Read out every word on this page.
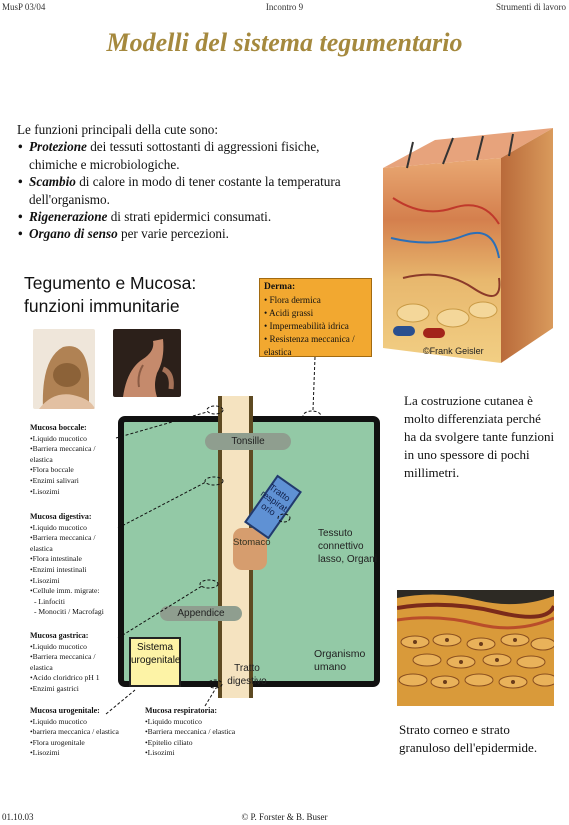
MusP 03/04	Incontro 9	Strumenti di lavoro
Modelli del sistema tegumentario
Le funzioni principali della cute sono:
• Protezione dei tessuti sottostanti di aggressioni fisiche, chimiche e microbiologiche.
• Scambio di calore in modo di tener costante la temperatura dell'organismo.
• Rigenerazione di strati epidermici consumati.
• Organo di senso per varie percezioni.
©Frank Geisler
La costruzione cutanea è molto differenziata perché ha da svolgere tante funzioni in uno spessore di pochi millimetri.
Tegumento e Mucosa:
funzioni immunitarie
Derma:
• Flora dermica
• Acidi grassi
• Impermeabilità idrica
• Resistenza meccanica / elastica
Mucosa boccale:
• Liquido mucotico
• Barriera meccanica / elastica
• Flora boccale
• Enzimi salivari
• Lisozimi
Mucosa digestiva:
• Liquido mucotico
• Barriera meccanica / elastica
• Flora intestinale
• Enzimi intestinali
• Lisozimi
• Cellule imm. migrate:
- Linfociti
- Monociti / Macrofagi
Mucosa gastrica:
• Liquido mucotico
• Barriera meccanica / elastica
• Acido cloridrico pH 1
• Enzimi gastrici
Mucosa urogenitale:
• Liquido mucotico
• barriera meccanica / elastica
• Flora urogenitale
• Lisozimi
Mucosa respiratoria:
• Liquido mucotico
• Barriera meccanica / elastica
• Epitelio ciliato
• Lisozimi
Tonsille
Stomaco
Tratto respiratorio
Tessuto connettivo lasso, Organi
Appendice
Organismo umano
Sistema urogenitale
Tratto digestivo
Strato corneo e strato granuloso dell'epidermide.
01.10.03	© P. Forster & B. Buser
